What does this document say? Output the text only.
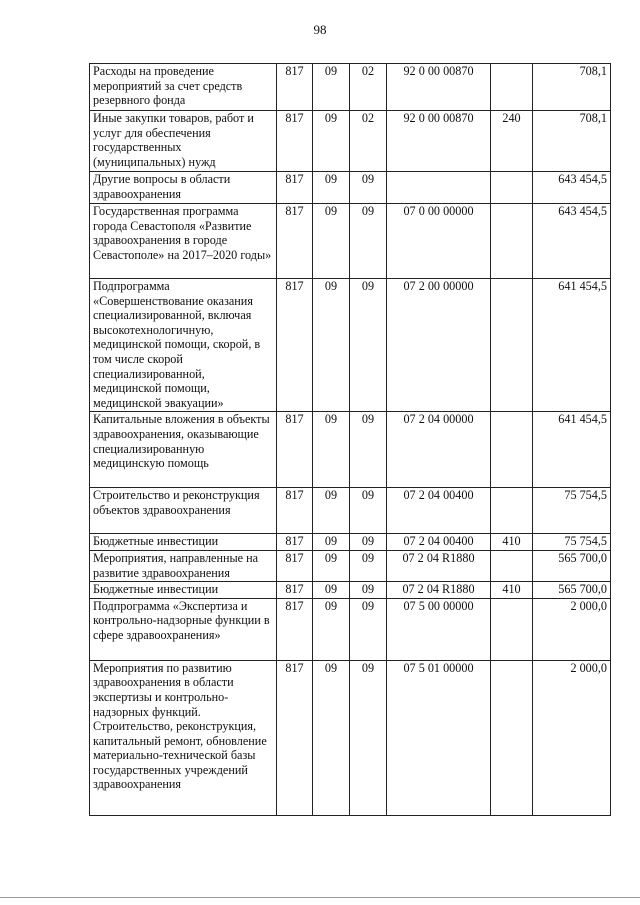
98
Расходы на проведение мероприятий за счет средств резервного фонда	817	09	02	92 0 00 00870		708,1
Иные закупки товаров, работ и услуг для обеспечения государственных (муниципальных) нужд	817	09	02	92 0 00 00870	240	708,1
Другие вопросы в области здравоохранения	817	09	09			643 454,5
Государственная программа города Севастополя «Развитие здравоохранения в городе Севастополе» на 2017–2020 годы»	817	09	09	07 0 00 00000		643 454,5
Подпрограмма «Совершенствование оказания специализированной, включая высокотехнологичную, медицинской помощи, скорой, в том числе скорой специализированной, медицинской помощи, медицинской эвакуации»	817	09	09	07 2 00 00000		641 454,5
Капитальные вложения в объекты здравоохранения, оказывающие специализированную медицинскую помощь	817	09	09	07 2 04 00000		641 454,5
Строительство и реконструкция объектов здравоохранения	817	09	09	07 2 04 00400		75 754,5
Бюджетные инвестиции	817	09	09	07 2 04 00400	410	75 754,5
Мероприятия, направленные на развитие здравоохранения	817	09	09	07 2 04 R1880		565 700,0
Бюджетные инвестиции	817	09	09	07 2 04 R1880	410	565 700,0
Подпрограмма «Экспертиза и контрольно-надзорные функции в сфере здравоохранения»	817	09	09	07 5 00 00000		2 000,0
Мероприятия по развитию здравоохранения в области экспертизы и контрольно-надзорных функций. Строительство, реконструкция, капитальный ремонт, обновление материально-технической базы государственных учреждений здравоохранения	817	09	09	07 5 01 00000		2 000,0
